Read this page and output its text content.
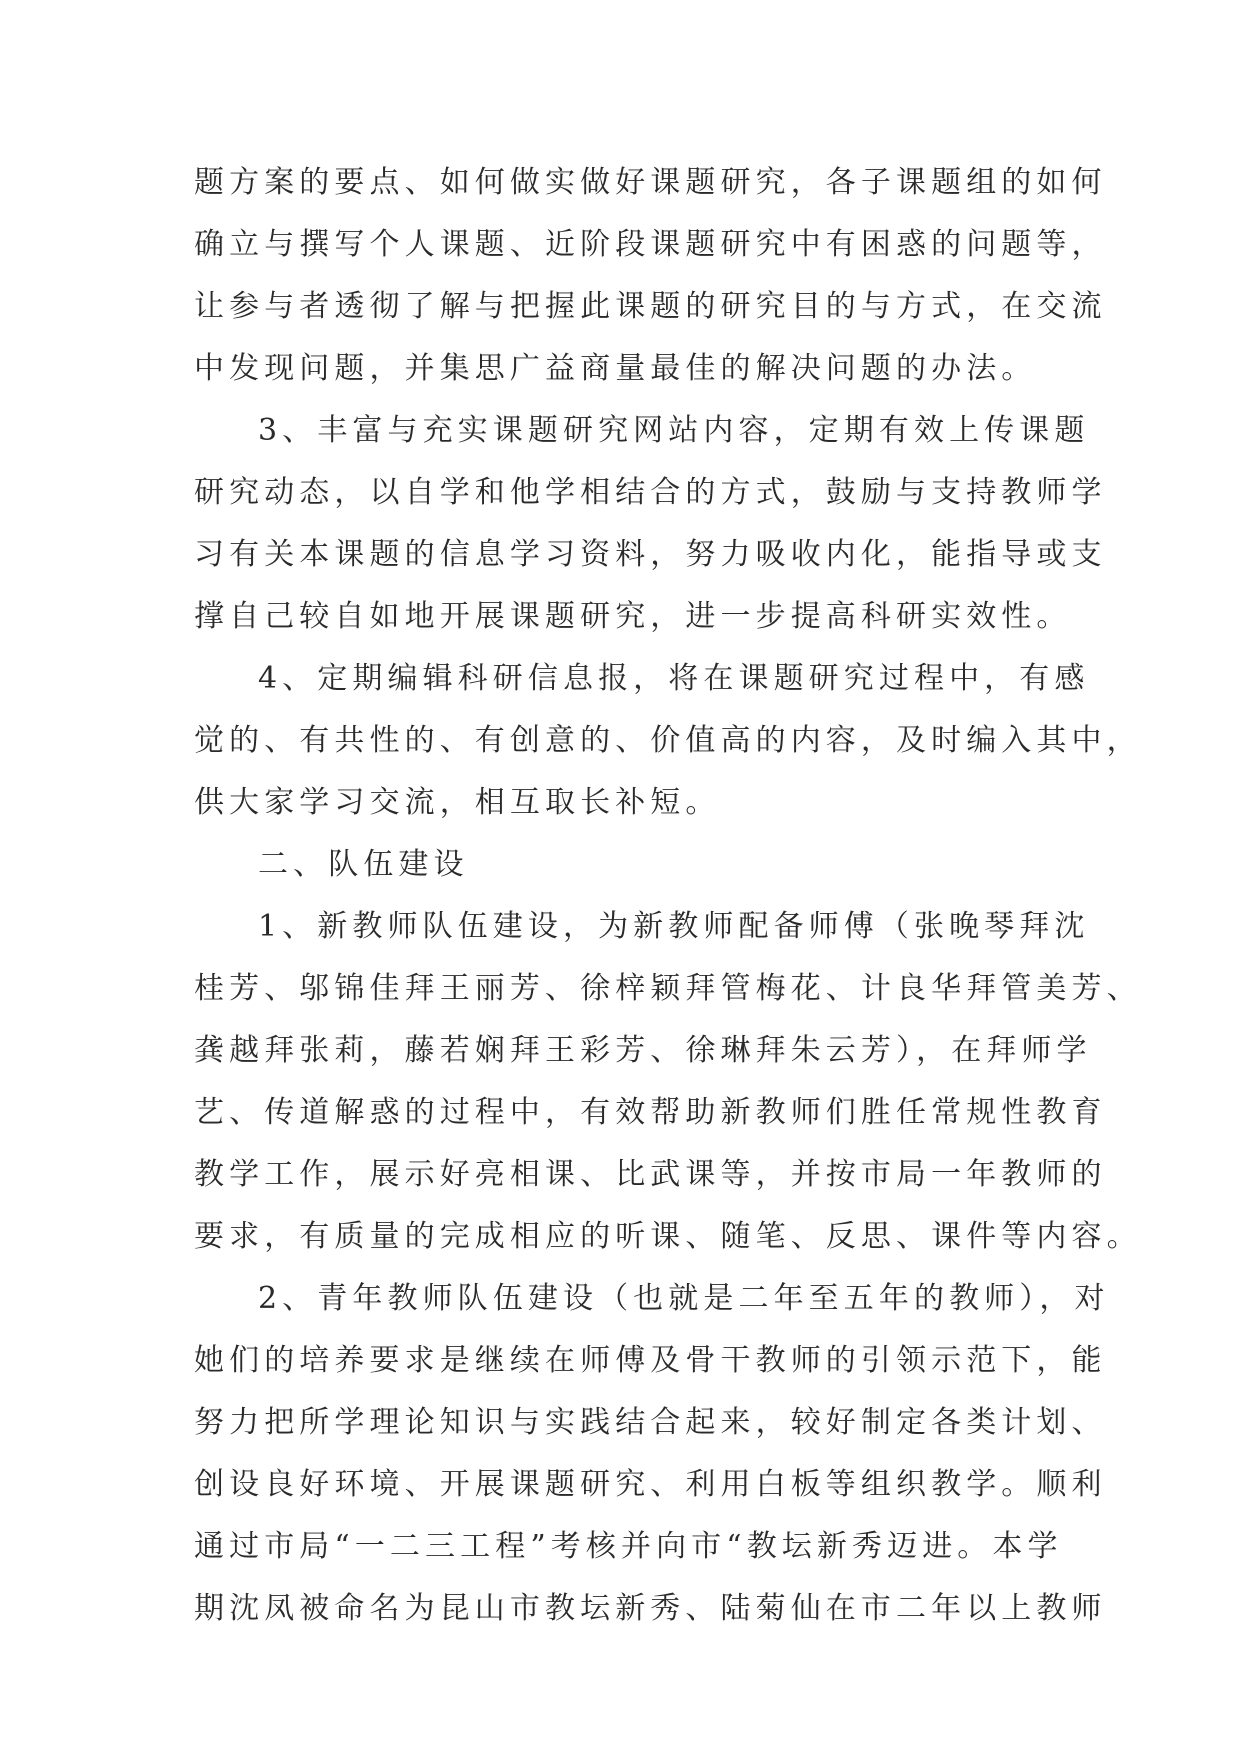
题方案的要点、如何做实做好课题研究，各子课题组的如何
确立与撰写个人课题、近阶段课题研究中有困惑的问题等，
让参与者透彻了解与把握此课题的研究目的与方式，在交流
中发现问题，并集思广益商量最佳的解决问题的办法。
3、丰富与充实课题研究网站内容，定期有效上传课题
研究动态，以自学和他学相结合的方式，鼓励与支持教师学
习有关本课题的信息学习资料，努力吸收内化，能指导或支
撑自己较自如地开展课题研究，进一步提高科研实效性。
4、定期编辑科研信息报，将在课题研究过程中，有感
觉的、有共性的、有创意的、价值高的内容，及时编入其中，
供大家学习交流，相互取长补短。
二、队伍建设
1、新教师队伍建设，为新教师配备师傅（张晚琴拜沈
桂芳、邬锦佳拜王丽芳、徐梓颖拜管梅花、计良华拜管美芳、
龚越拜张莉，藤若娴拜王彩芳、徐琳拜朱云芳），在拜师学
艺、传道解惑的过程中，有效帮助新教师们胜任常规性教育
教学工作，展示好亮相课、比武课等，并按市局一年教师的
要求，有质量的完成相应的听课、随笔、反思、课件等内容。
2、青年教师队伍建设（也就是二年至五年的教师），对
她们的培养要求是继续在师傅及骨干教师的引领示范下，能
努力把所学理论知识与实践结合起来，较好制定各类计划、
创设良好环境、开展课题研究、利用白板等组织教学。顺利
通过市局“一二三工程”考核并向市“教坛新秀迈进。本学
期沈凤被命名为昆山市教坛新秀、陆菊仙在市二年以上教师
